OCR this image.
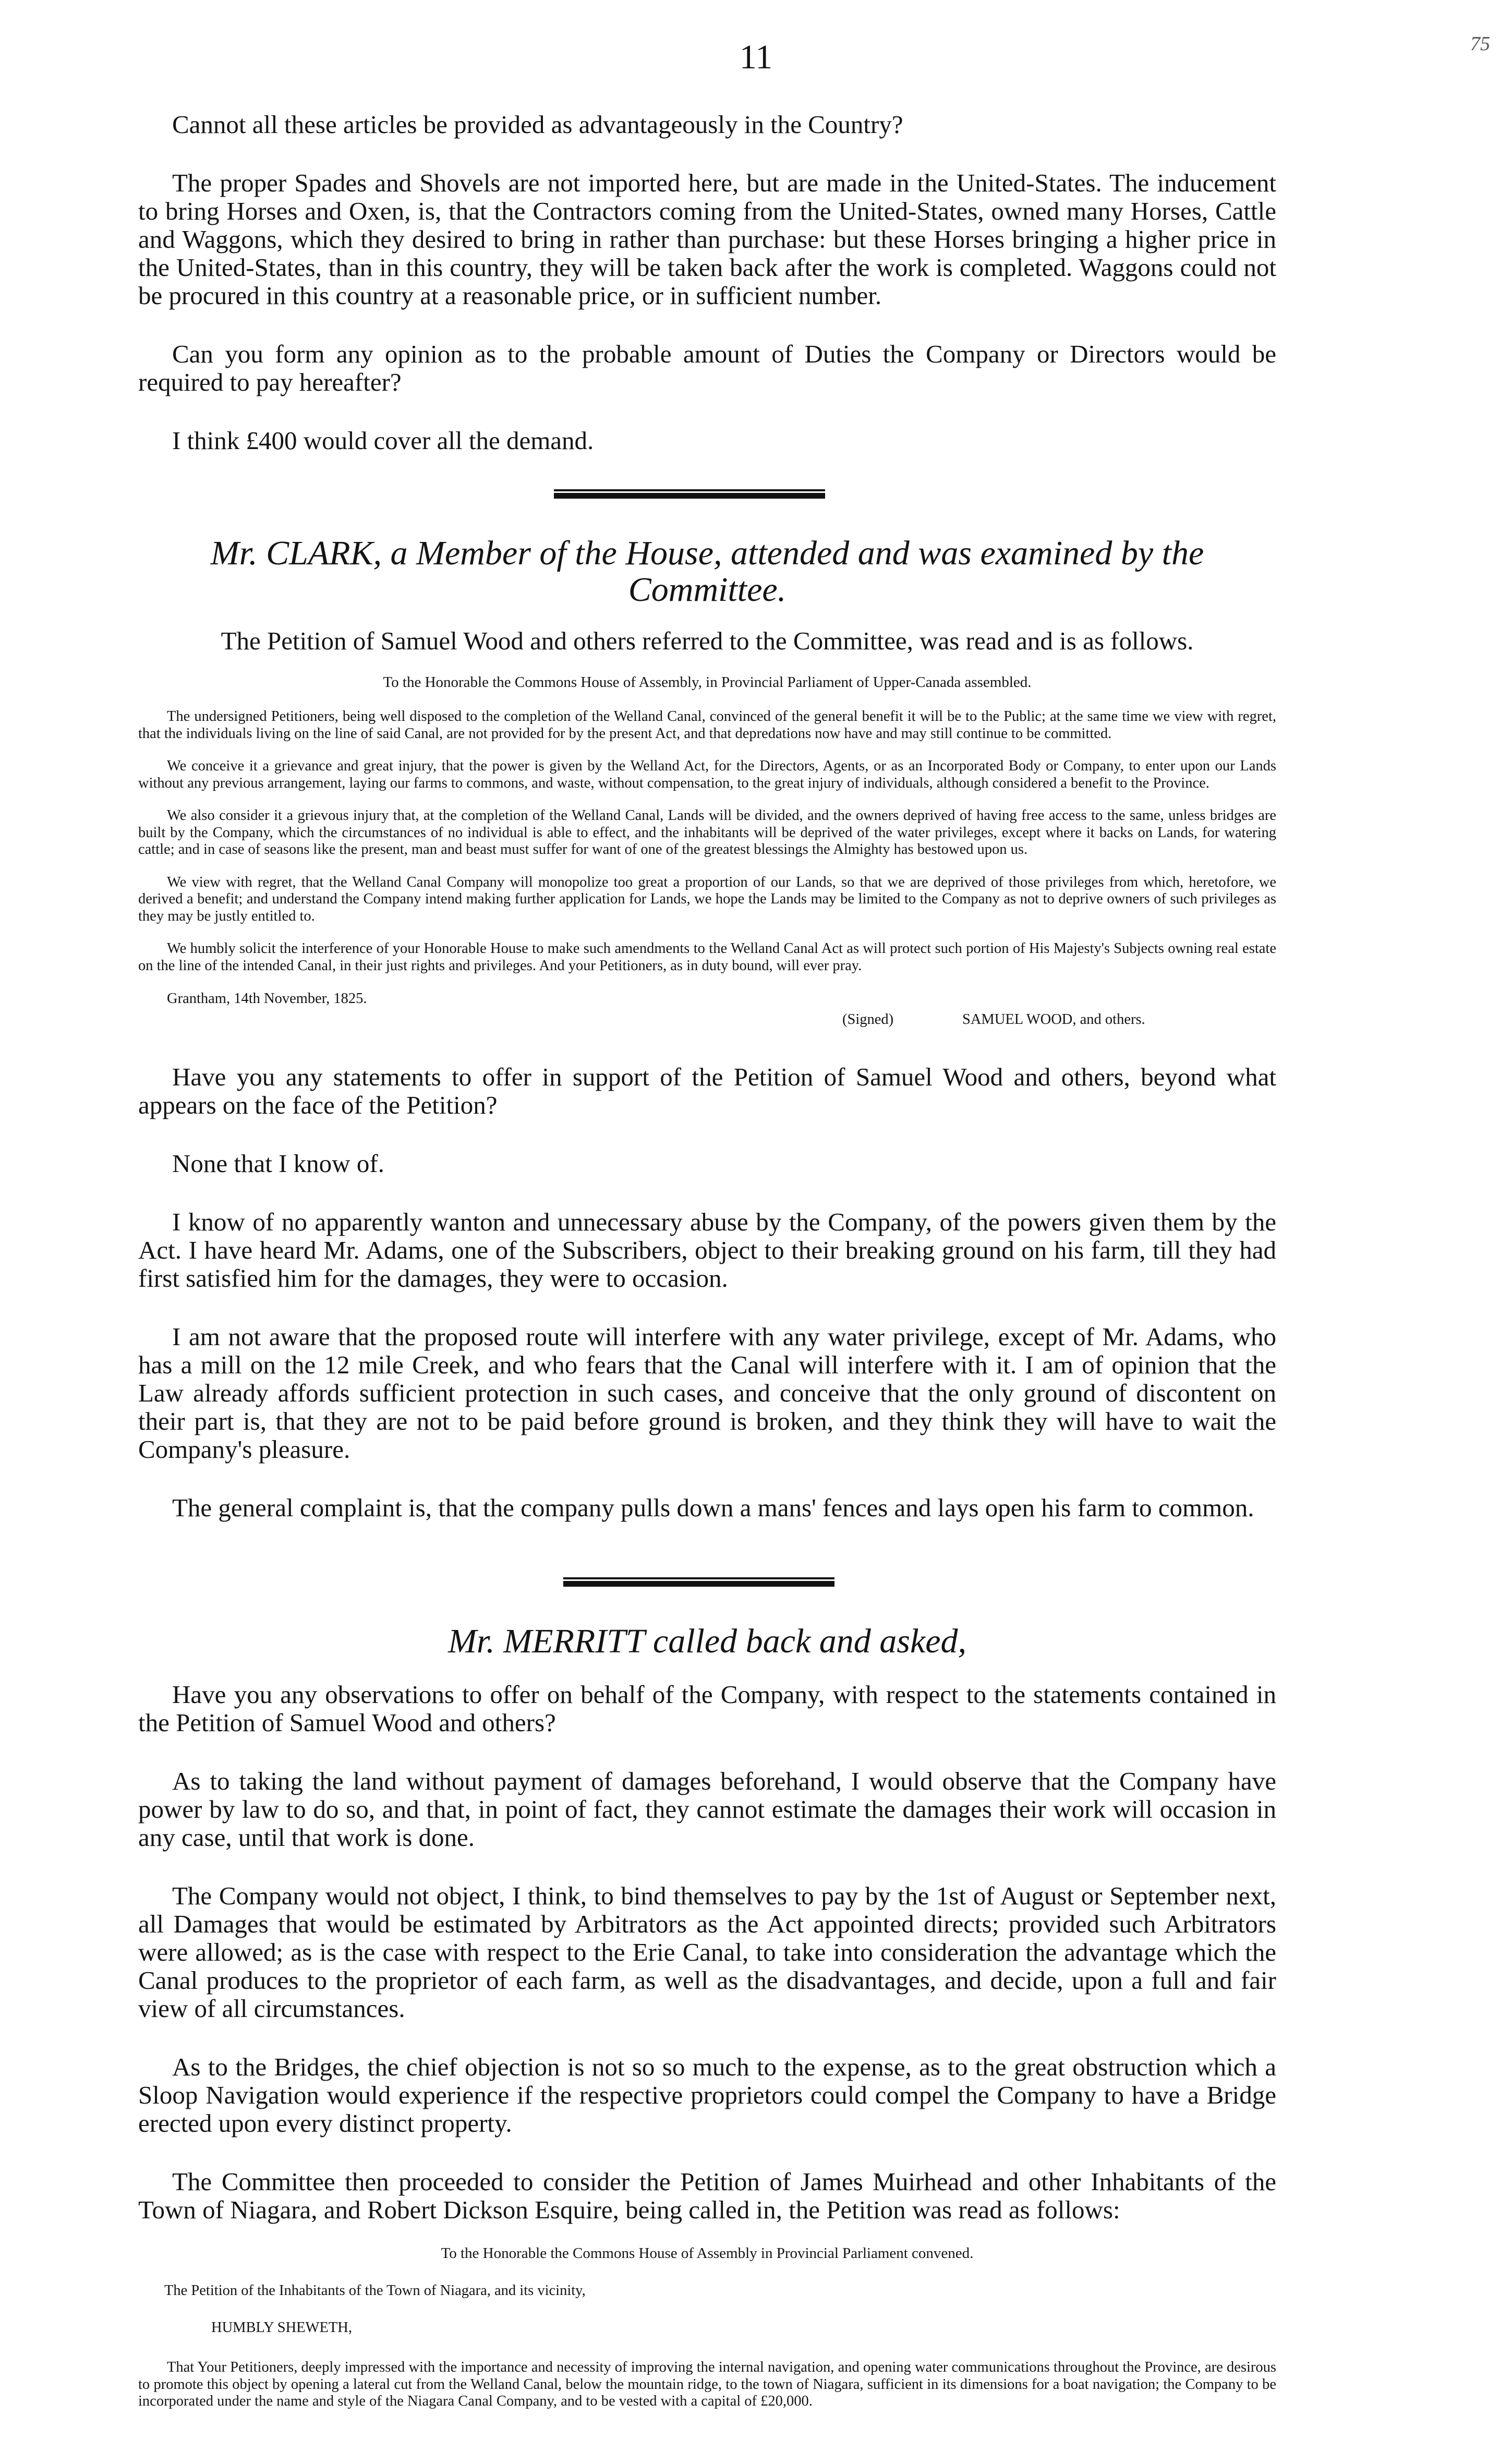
11	75

Cannot all these articles be provided as advantageously in the Country?

The proper Spades and Shovels are not imported here, but are made in the United-States. The inducement to bring Horses and Oxen, is, that the Contractors coming from the United-States, owned many Horses, Cattle and Waggons, which they desired to bring in rather than purchase: but these Horses bringing a higher price in the United-States, than in this country, they will be taken back after the work is completed. Waggons could not be procured in this country at a reasonable price, or in sufficient number.

Can you form any opinion as to the probable amount of Duties the Company or Directors would be required to pay hereafter?

I think £400 would cover all the demand.

Mr. CLARK, a Member of the House, attended and was examined by the Committee.

The Petition of Samuel Wood and others referred to the Committee, was read and is as follows.

To the Honorable the Commons House of Assembly, in Provincial Parliament of Upper-Canada assembled.

The undersigned Petitioners, being well disposed to the completion of the Welland Canal, convinced of the general benefit it will be to the Public; at the same time we view with regret, that the individuals living on the line of said Canal, are not provided for by the present Act, and that depredations now have and may still continue to be committed.

We conceive it a grievance and great injury, that the power is given by the Welland Act, for the Directors, Agents, or as an Incorporated Body or Company, to enter upon our Lands without any previous arrangement, laying our farms to commons, and waste, without compensation, to the great injury of individuals, although considered a benefit to the Province.

We also consider it a grievous injury that, at the completion of the Welland Canal, Lands will be divided, and the owners deprived of having free access to the same, unless bridges are built by the Company, which the circumstances of no individual is able to effect, and the inhabitants will be deprived of the water privileges, except where it backs on Lands, for watering cattle; and in case of seasons like the present, man and beast must suffer for want of one of the greatest blessings the Almighty has bestowed upon us.

We view with regret, that the Welland Canal Company will monopolize too great a proportion of our Lands, so that we are deprived of those privileges from which, heretofore, we derived a benefit; and understand the Company intend making further application for Lands, we hope the Lands may be limited to the Company as not to deprive owners of such privileges as they may be justly entitled to.

We humbly solicit the interference of your Honorable House to make such amendments to the Welland Canal Act as will protect such portion of His Majesty's Subjects owning real estate on the line of the intended Canal, in their just rights and privileges. And your Petitioners, as in duty bound, will ever pray.

Grantham, 14th November, 1825.
(Signed)	SAMUEL WOOD, and others.

Have you any statements to offer in support of the Petition of Samuel Wood and others, beyond what appears on the face of the Petition?

None that I know of.

I know of no apparently wanton and unnecessary abuse by the Company, of the powers given them by the Act. I have heard Mr. Adams, one of the Subscribers, object to their breaking ground on his farm, till they had first satisfied him for the damages, they were to occasion.

I am not aware that the proposed route will interfere with any water privilege, except of Mr. Adams, who has a mill on the 12 mile Creek, and who fears that the Canal will interfere with it. I am of opinion that the Law already affords sufficient protection in such cases, and conceive that the only ground of discontent on their part is, that they are not to be paid before ground is broken, and they think they will have to wait the Company's pleasure.

The general complaint is, that the company pulls down a mans' fences and lays open his farm to common.

Mr. MERRITT called back and asked,

Have you any observations to offer on behalf of the Company, with respect to the statements contained in the Petition of Samuel Wood and others?

As to taking the land without payment of damages beforehand, I would observe that the Company have power by law to do so, and that, in point of fact, they cannot estimate the damages their work will occasion in any case, until that work is done.

The Company would not object, I think, to bind themselves to pay by the 1st of August or September next, all Damages that would be estimated by Arbitrators as the Act appointed directs; provided such Arbitrators were allowed; as is the case with respect to the Erie Canal, to take into consideration the advantage which the Canal produces to the proprietor of each farm, as well as the disadvantages, and decide, upon a full and fair view of all circumstances.

As to the Bridges, the chief objection is not so so much to the expense, as to the great obstruction which a Sloop Navigation would experience if the respective proprietors could compel the Company to have a Bridge erected upon every distinct property.

The Committee then proceeded to consider the Petition of James Muirhead and other Inhabitants of the Town of Niagara, and Robert Dickson Esquire, being called in, the Petition was read as follows:

To the Honorable the Commons House of Assembly in Provincial Parliament convened.

The Petition of the Inhabitants of the Town of Niagara, and its vicinity,

HUMBLY SHEWETH,

That Your Petitioners, deeply impressed with the importance and necessity of improving the internal navigation, and opening water communications throughout the Province, are desirous to promote this object by opening a lateral cut from the Welland Canal, below the mountain ridge, to the town of Niagara, sufficient in its dimensions for a boat navigation; the Company to be incorporated under the name and style of the Niagara Canal Company, and to be vested with a capital of £20,000.
